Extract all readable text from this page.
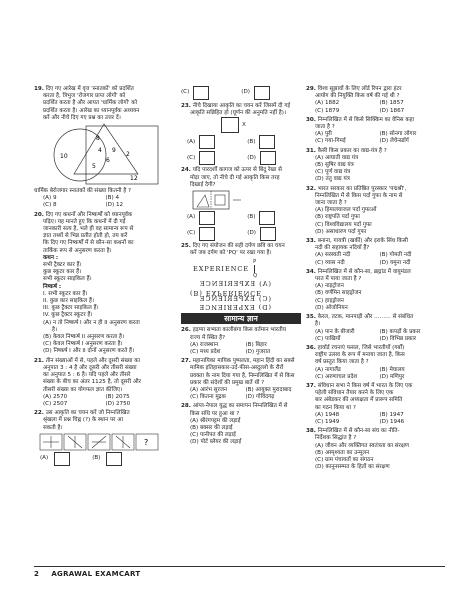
19. दिए गए आरेख में वृत्त 'स्नातकों' को प्रदर्शित
करता है, त्रिभुज 'रोजगार प्राप्त लोगों' को
प्रदर्शित करता है और आयत 'धार्मिक लोगों' को
प्रदर्शित करता है। आरेख का ध्यानपूर्वक अध्ययन
करें और नीचे दिए गए प्रश्न का उत्तर दें।
8
4 9
6
10
5
2
12
धार्मिक बेरोजगार स्नातकों की संख्या कितनी है ?
(A) 9	(B) 4
(C) 8	(D) 12
20. दिए गए कथनों और निष्कर्षों को ध्यानपूर्वक
पढ़िए। यह मानते हुए कि कथनों में दी गई
जानकारी सत्य है, भले ही वह सामान्य रूप से
ज्ञात तथ्यों से भिन्न प्रतीत होती हो, तय करें
कि दिए गए निष्कर्षों में से कौन-सा कथनों का
तार्किक रूप से अनुसरण करता है।
कथन :
सभी ट्रैक्टर कार हैं।
कुछ स्कूटर कार हैं।
सभी स्कूटर साइकिल हैं।
निष्कर्ष :
I. सभी स्कूटर कार हैं।
II. कुछ कार साइकिल हैं।
III. कुछ ट्रैक्टर साइकिल हैं।
IV. कुछ ट्रैक्टर स्कूटर हैं।
(A) न तो निष्कर्ष I और न ही II अनुसरण करता
है।
(B) केवल निष्कर्ष II अनुसरण करता है।
(C) केवल निष्कर्ष I अनुसरण करता है।
(D) निष्कर्ष I और II दोनों अनुसरण करते हैं।
21. तीन संख्याओं में से, पहले और दूसरी संख्या का
अनुपात 3 : 4 है और दूसरी और तीसरी संख्या
का अनुपात 5 : 6 है। यदि पहले और तीसरे
संख्या के बीच का अंतर 1125 है, तो दूसरी और
तीसरी संख्या का योगफल ज्ञात कीजिए।
(A) 2570	(B) 2075
(C) 2507	(D) 2750
22. उस आकृति का चयन करें जो निम्नलिखित
श्रृंखला में प्रश्न चिह्न (?) के स्थान पर आ
सकती है।
?
(A)	(B)
(C)	(D)
23. नीचे दिखाया आकृति का चयन करें जिसमें दी गई
आकृति सन्निहित हो (घूर्णन की अनुमति नहीं है)।
X
(A)	(B)
(C)	(D)
24. यदि पारदर्शी कागज को ऊपर से बिंदु रेखा से
मोड़ा जाए, तो नीचे दी गई आकृति किस तरह
दिखाई देगी?
(A)	(B)
(C)	(D)
25. दिए गए संयोजन की सही दर्पण छवि का चयन
करें जब दर्पण को 'PQ' पर रखा गया है।
EXPERIENCE
P
Q
(A) EXPERIENCE
(B) EXPERIENCE
(C) EXPERIENCE
(D) EXPERIENCE
सामान्य ज्ञान
26. हड़प्पा सभ्यता कालीबंगा किस वर्तमान भारतीय
राज्य में स्थित है?
(A) राजस्थान	(B) बिहार
(C) मध्य प्रदेश	(D) गुजरात
27. महानायिका मायिक पुष्पलता, महान हिंदी का सबसे
मामिक इतिहासकार-उर्द-फीस-अब्दुल्लो के रौरों
प्रवक्ता के नाम दिया गया है, निम्नलिखित में से किस
प्रकार की संदेशों की प्रमुख बातें थीं ?
(A) आरंभ सुरजन	(B) आयुक्त मुरादाबाद
(C) कितना मुद्रक	(D) गोविंदगढ़
28. आंग्ल-नेपाल युद्ध का समापन निम्नलिखित में से
किस संधि पर हुआ था ?
(A) श्रीरंगपट्टम की लड़ाई
(B) बक्सर की लड़ाई
(C) पानीपत की लड़ाई
(D) पोर्ट ब्लेयर की लड़ाई
29. विश्व सुझावों के लिए लॉर्ड रिपन द्वारा हंटर
आयोग की नियुक्ति किस वर्ष की गई थी ?
(A) 1882	(B) 1857
(C) 1879	(D) 1867
30. निम्नलिखित में से किसे सिक्किम का वेनिस कहा
जाता है ?
(A) पुरी	(B) सोनगा लोगार
(C) गया-गिमई	(D) लेचेन्स्डॉर्ग
31. कैसी किस प्रकार का वाद्य-यंत्र है ?
(A) आघाती वाद्य यंत्र
(B) सुषिर वाद्य यंत्र
(C) पूर्ण वाद्य यंत्र
(D) तंतु वाद्य यंत्र
32. भारत सरकार का प्रतिष्ठित पुरस्कार 'पद्मश्री',
निम्नलिखित में से किस पर्दा गुफा के नाम से
जाना जाता है ?
(A) हिमालयाजल पर्दा गुफाओं
(B) राष्ट्रपति पर्दा गुफा
(C) विश्वविद्यालय पर्दा गुफा
(D) असाधारण पर्दा गुफा
33. बनाना, गायत्री (खर्की) और इराके सिंध किसी
नदी की सहायक नदियाँ हैं?
(A) सरस्वती नदी	(B) गोमती नदी
(C) व्यास नदी	(D) यमुना नदी
34. निम्नलिखित में से कौन-सा, ब्रह्मांड में वायुमंडल
परत में पाया जाता है ?
(A) नाइट्रोजन
(B) वर्णमिन साइड्रोजन
(C) हाइड्रोजन
(D) ओजोनियन
35. केरल, तटक, मानपाड़ी और ……… से संबंधित
है।
(A) पान के बीजारी	(B) कपड़ों के प्रकार
(C) पाखियों	(D) विभिन्न प्रकार
36. हार्वार्ड रचनाएं फसल, जिसे भारतीयों (गर्बों)
राष्ट्रीय उत्सव के रूप में मनाया जाता है, किस
वर्ष प्रस्तुत किया जाता है ?
(A) नागालैंड	(B) मेघालय
(C) अरुणाचल प्रदेश	(D) मणिपुर
37. संविधान सभा ने किस वर्ष में भारत के लिए एक
पहेली संविधान तैयार करने के लिए एक
बार अंबेडकर की अध्यक्षता में प्रारूप समिति
का गठन किया था ?
(A) 1948	(B) 1947
(C) 1949	(D) 1946
38. निम्नलिखित में से कौन-सा संघ का नीति-
निर्देशक सिद्धांत है ?
(A) जीवन और व्यक्तिगत स्वतंत्रता का संरक्षण
(B) अस्पृश्यता का उन्मूलन
(C) ग्राम पंचायतों का संगठन
(D) कानूनसम्मत के हितों का संरक्षण
2 AGRAWAL EXAMCART
